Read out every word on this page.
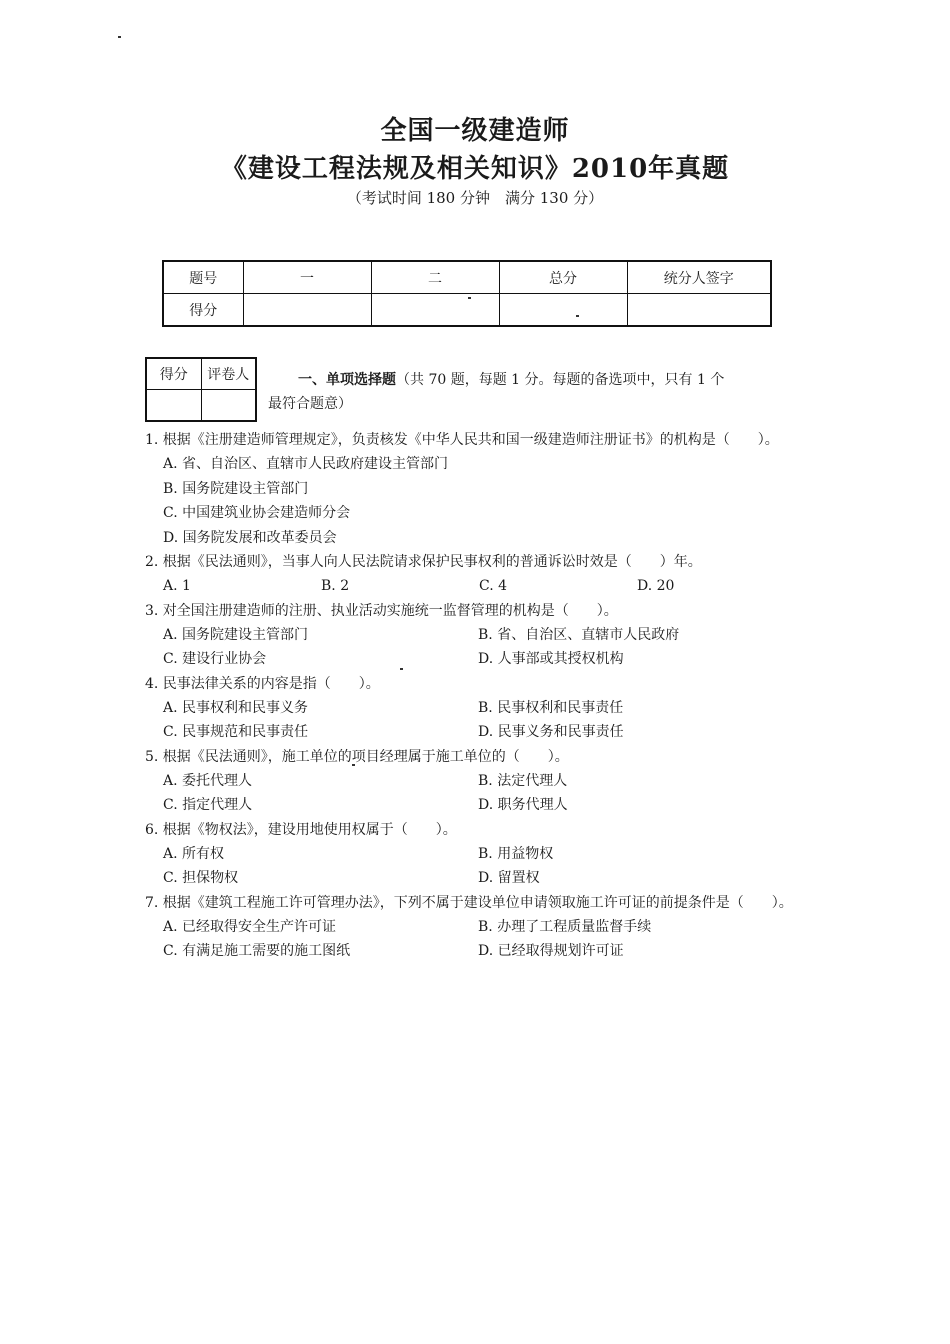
全国一级建造师
《建设工程法规及相关知识》2010年真题
（考试时间 180 分钟　满分 130 分）
题号	一	二	总分	统分人签字
得分				
得分	评卷人
		一、单项选择题（共 70 题，每题 1 分。每题的备选项中，只有 1 个
最符合题意）
1. 根据《注册建造师管理规定》，负责核发《中华人民共和国一级建造师注册证书》的机构是（　　）。
A. 省、自治区、直辖市人民政府建设主管部门
B. 国务院建设主管部门
C. 中国建筑业协会建造师分会
D. 国务院发展和改革委员会
2. 根据《民法通则》，当事人向人民法院请求保护民事权利的普通诉讼时效是（　　）年。
A. 1	B. 2	C. 4	D. 20
3. 对全国注册建造师的注册、执业活动实施统一监督管理的机构是（　　）。
A. 国务院建设主管部门	B. 省、自治区、直辖市人民政府
C. 建设行业协会	D. 人事部或其授权机构
4. 民事法律关系的内容是指（　　）。
A. 民事权利和民事义务	B. 民事权利和民事责任
C. 民事规范和民事责任	D. 民事义务和民事责任
5. 根据《民法通则》，施工单位的项目经理属于施工单位的（　　）。
A. 委托代理人	B. 法定代理人
C. 指定代理人	D. 职务代理人
6. 根据《物权法》，建设用地使用权属于（　　）。
A. 所有权	B. 用益物权
C. 担保物权	D. 留置权
7. 根据《建筑工程施工许可管理办法》，下列不属于建设单位申请领取施工许可证的前提条件是（　　）。
A. 已经取得安全生产许可证	B. 办理了工程质量监督手续
C. 有满足施工需要的施工图纸	D. 已经取得规划许可证
